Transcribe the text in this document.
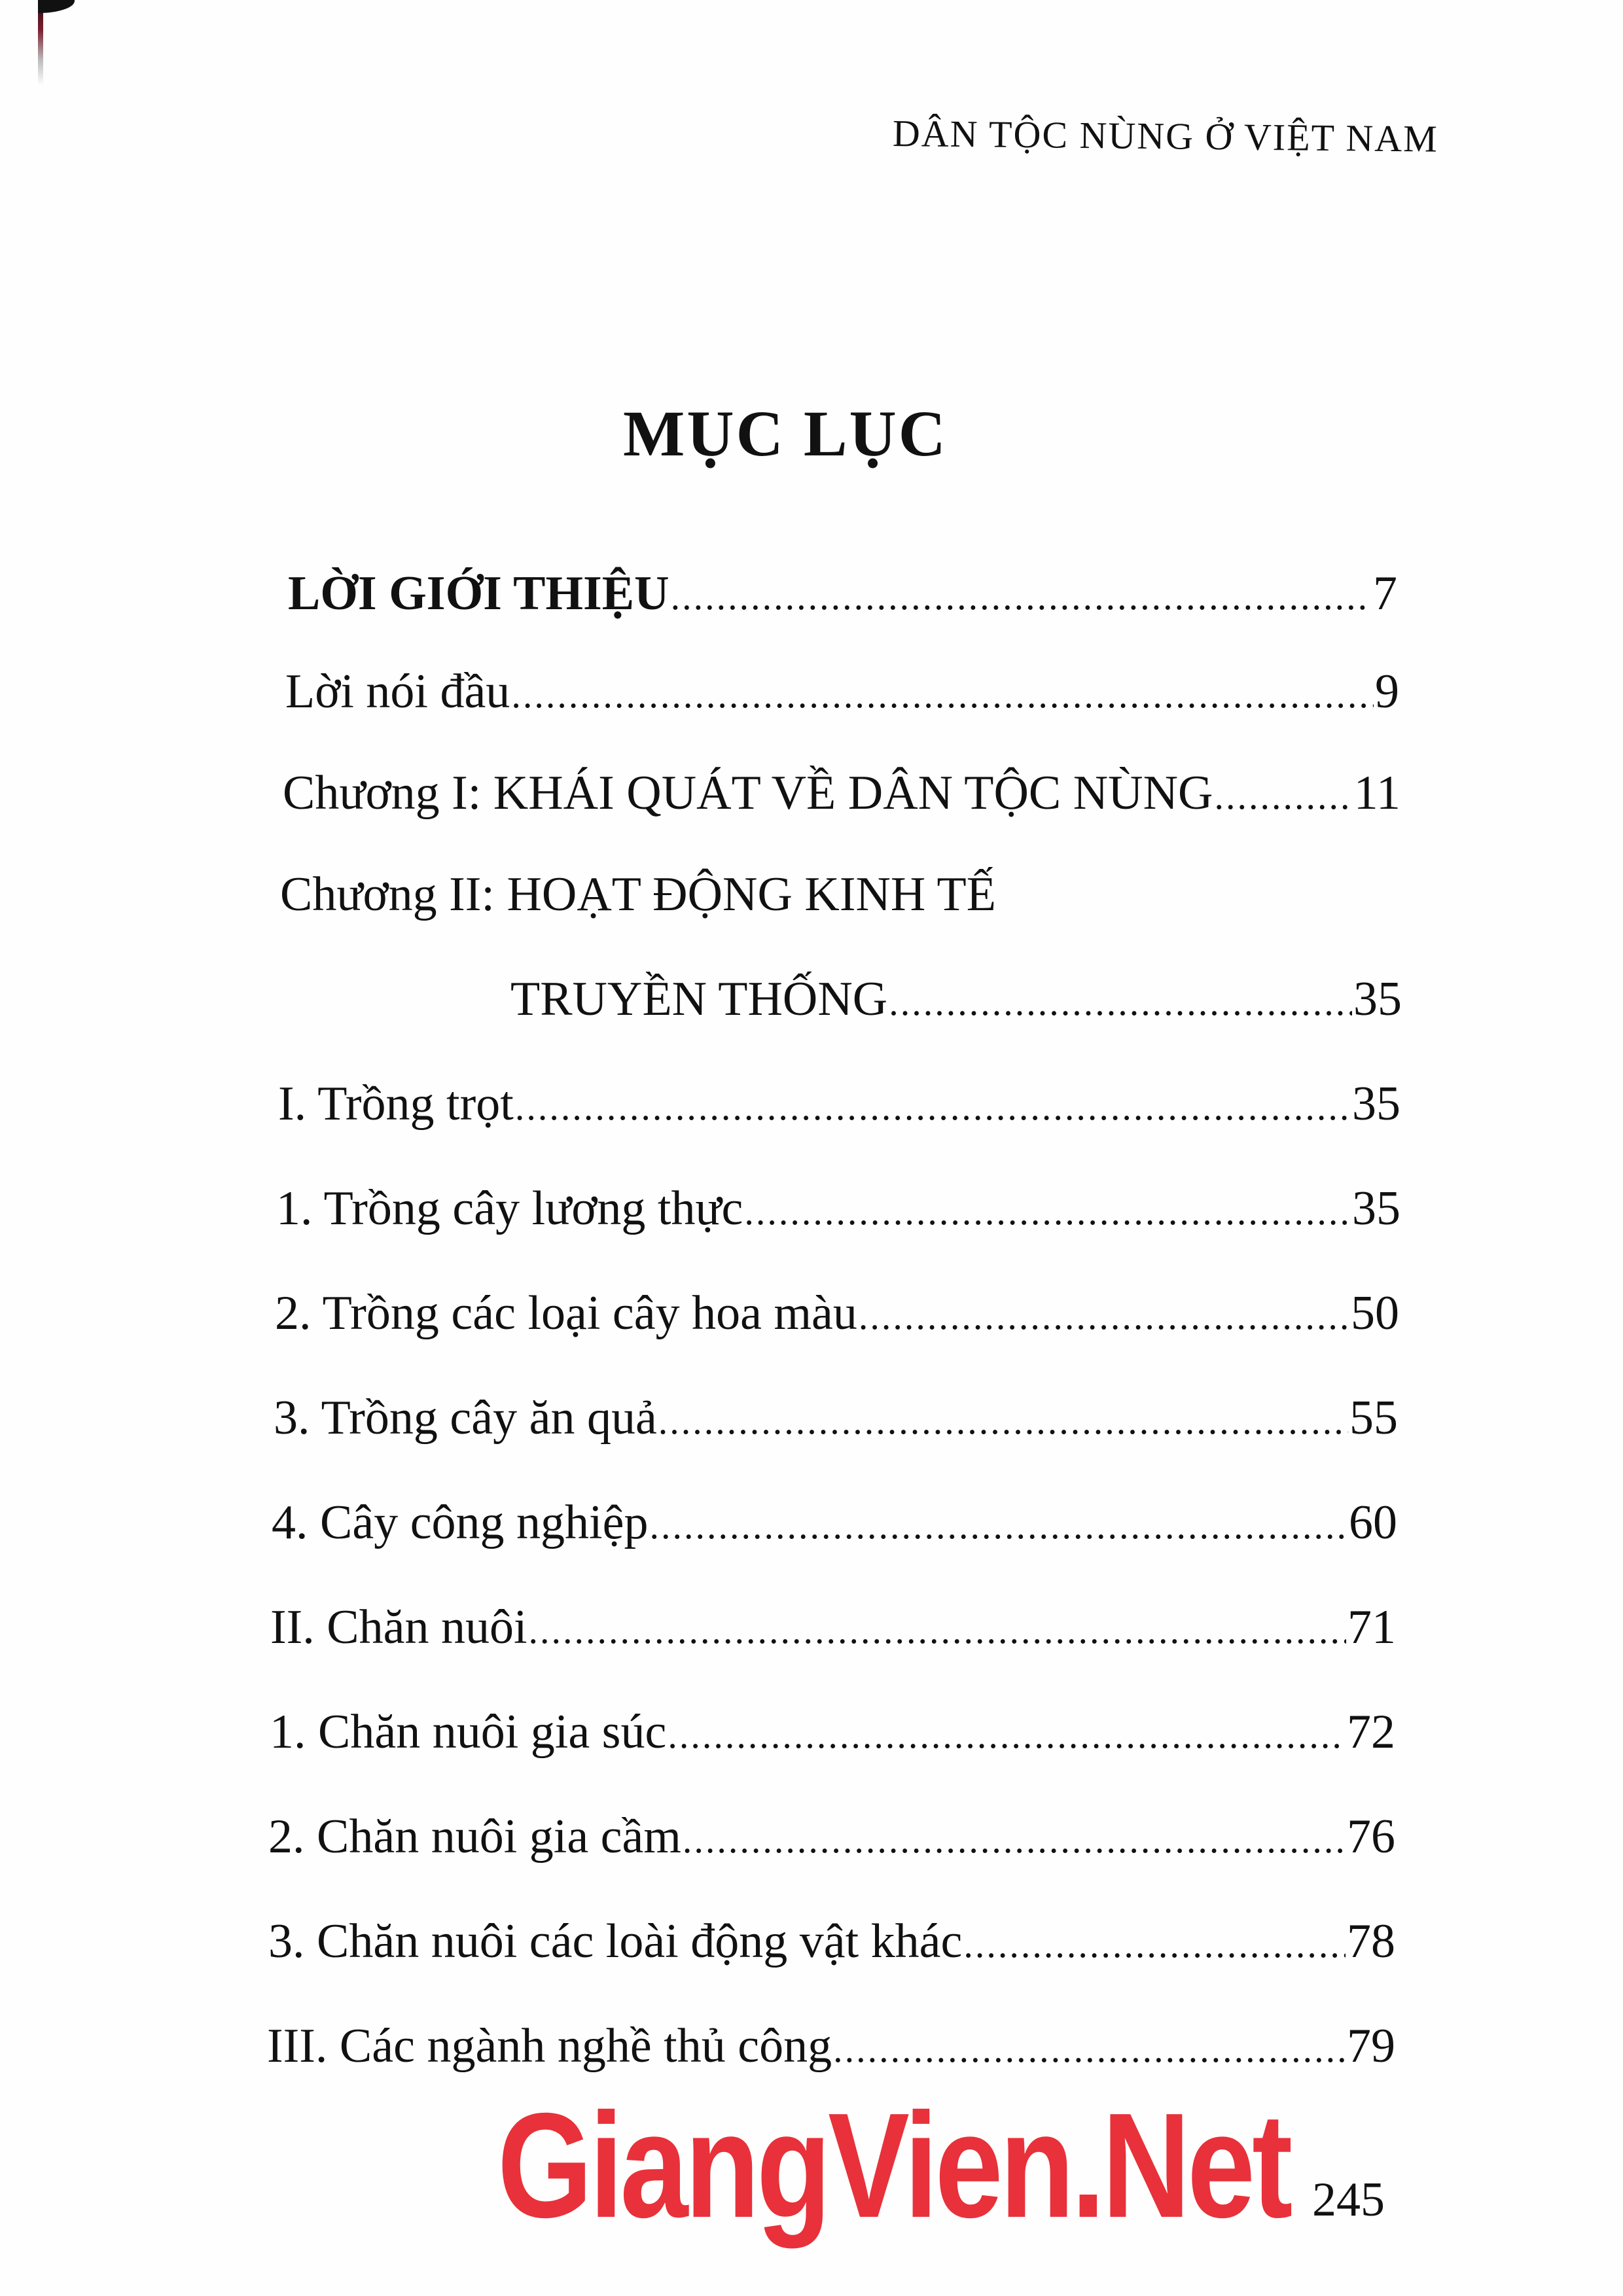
DÂN TỘC NÙNG Ở VIỆT NAM
MỤC LỤC
LỜI GIỚI THIỆU .....	7
Lời nói đầu .....	9
Chương I: KHÁI QUÁT VỀ DÂN TỘC NÙNG .....	11
Chương II: HOẠT ĐỘNG KINH TẾ
TRUYỀN THỐNG .....	35
I. Trồng trọt .....	35
1. Trồng cây lương thực .....	35
2. Trồng các loại cây hoa màu .....	50
3. Trồng cây ăn quả .....	55
4. Cây công nghiệp .....	60
II. Chăn nuôi .....	71
1. Chăn nuôi gia súc .....	72
2. Chăn nuôi gia cầm .....	76
3. Chăn nuôi các loài động vật khác .....	78
III. Các ngành nghề thủ công .....	79
GiangVien.Net 245
